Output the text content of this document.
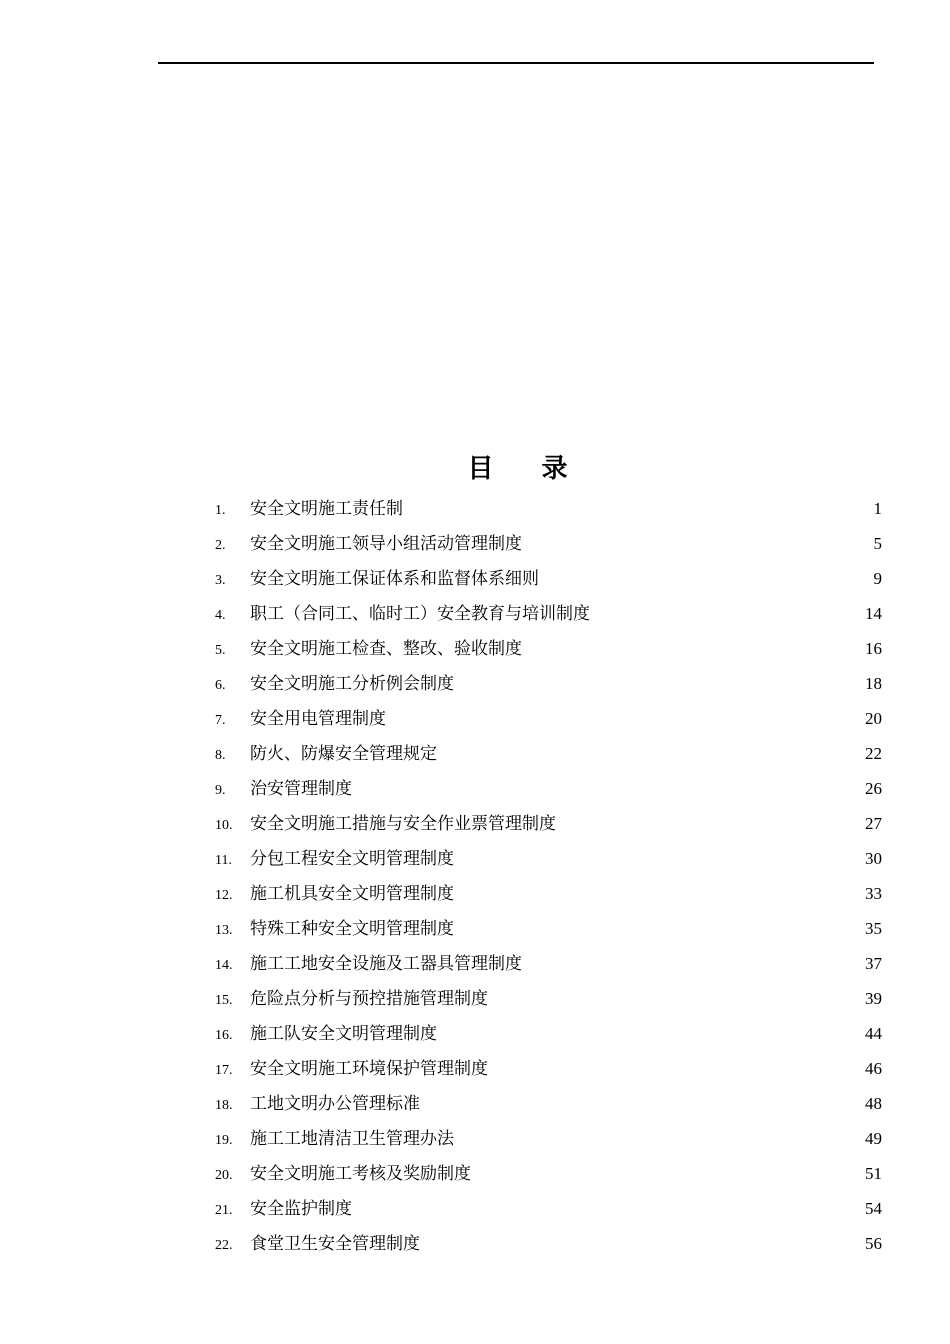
目 录
1.	安全文明施工责任制	1
2.	安全文明施工领导小组活动管理制度	5
3.	安全文明施工保证体系和监督体系细则	9
4.	职工（合同工、临时工）安全教育与培训制度	14
5.	安全文明施工检查、整改、验收制度	16
6.	安全文明施工分析例会制度	18
7.	安全用电管理制度	20
8.	防火、防爆安全管理规定	22
9.	治安管理制度	26
10.	安全文明施工措施与安全作业票管理制度	27
11.	分包工程安全文明管理制度	30
12.	施工机具安全文明管理制度	33
13.	特殊工种安全文明管理制度	35
14.	施工工地安全设施及工器具管理制度	37
15.	危险点分析与预控措施管理制度	39
16.	施工队安全文明管理制度	44
17.	安全文明施工环境保护管理制度	46
18.	工地文明办公管理标准	48
19.	施工工地清洁卫生管理办法	49
20.	安全文明施工考核及奖励制度	51
21.	安全监护制度	54
22.	食堂卫生安全管理制度	56
